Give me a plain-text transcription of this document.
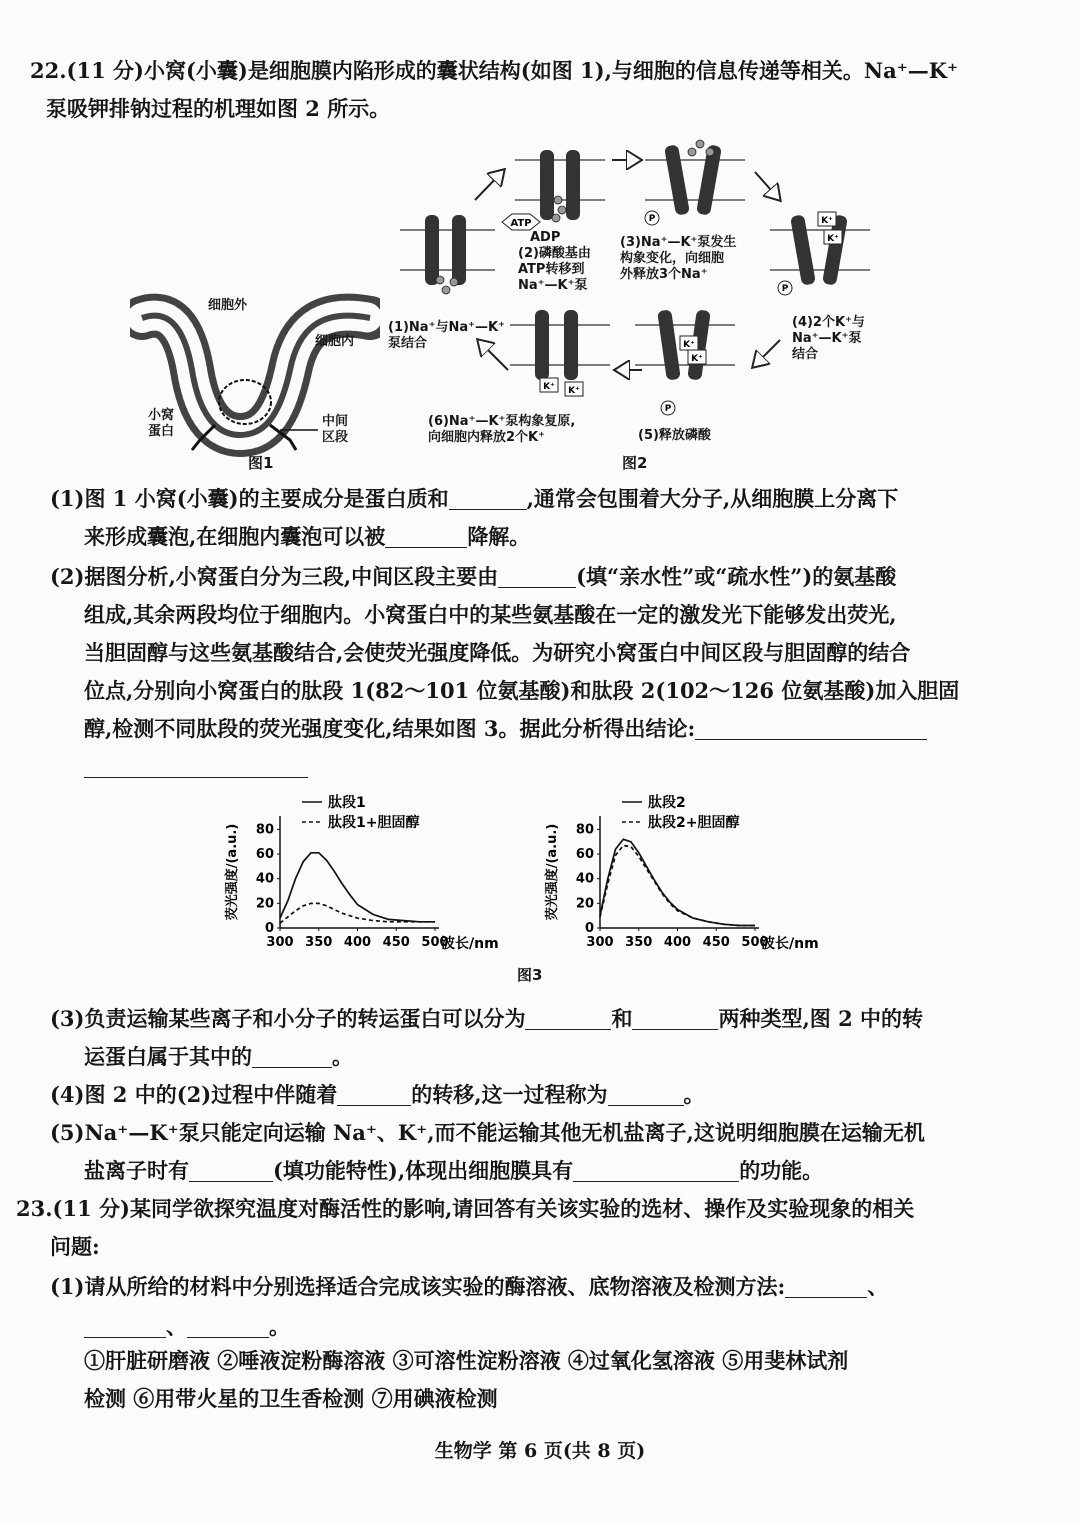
22.(11 分)小窝(小囊)是细胞膜内陷形成的囊状结构(如图 1),与细胞的信息传递等相关。Na⁺—K⁺
泵吸钾排钠过程的机理如图 2 所示。
细胞外
细胞内
小窝
蛋白
中间
区段
图1
K⁺
K⁺
K⁺
K⁺
K⁺ K⁺
P
P
P
ATP
ADP
(2)磷酸基由
ATP转移到
Na⁺—K⁺泵
(3)Na⁺—K⁺泵发生
构象变化，向细胞
外释放3个Na⁺
(1)Na⁺与Na⁺—K⁺
泵结合
(4)2个K⁺与
Na⁺—K⁺泵
结合
(6)Na⁺—K⁺泵构象复原,
向细胞内释放2个K⁺	(5)释放磷酸
图2
(1)图 1 小窝(小囊)的主要成分是蛋白质和	,通常会包围着大分子,从细胞膜上分离下
来形成囊泡,在细胞内囊泡可以被	降解。
(2)据图分析,小窝蛋白分为三段,中间区段主要由	(填“亲水性”或“疏水性”)的氨基酸
组成,其余两段均位于细胞内。小窝蛋白中的某些氨基酸在一定的激发光下能够发出荧光,
当胆固醇与这些氨基酸结合,会使荧光强度降低。为研究小窝蛋白中间区段与胆固醇的结合
位点,分别向小窝蛋白的肽段 1(82～101 位氨基酸)和肽段 2(102～126 位氨基酸)加入胆固
醇,检测不同肽段的荧光强度变化,结果如图 3。据此分析得出结论:
300 350 400 450 500
0
20
40
60
80
波长/nm
荧光强度/(a.u.)
肽段1
肽段1+胆固醇
300 350 400 450 500
0
20
40
60
80
波长/nm
荧光强度/(a.u.)
肽段2
肽段2+胆固醇
图3
(3)负责运输某些离子和小分子的转运蛋白可以分为	和	两种类型,图 2 中的转
运蛋白属于其中的	。
(4)图 2 中的(2)过程中伴随着	的转移,这一过程称为	。
(5)Na⁺—K⁺泵只能定向运输 Na⁺、K⁺,而不能运输其他无机盐离子,这说明细胞膜在运输无机
盐离子时有	(填功能特性),体现出细胞膜具有	的功能。
23.(11 分)某同学欲探究温度对酶活性的影响,请回答有关该实验的选材、操作及实验现象的相关
问题:
(1)请从所给的材料中分别选择适合完成该实验的酶溶液、底物溶液及检测方法:	、
、	。
①肝脏研磨液 ②唾液淀粉酶溶液 ③可溶性淀粉溶液 ④过氧化氢溶液 ⑤用斐林试剂
检测 ⑥用带火星的卫生香检测 ⑦用碘液检测
生物学 第 6 页(共 8 页)
